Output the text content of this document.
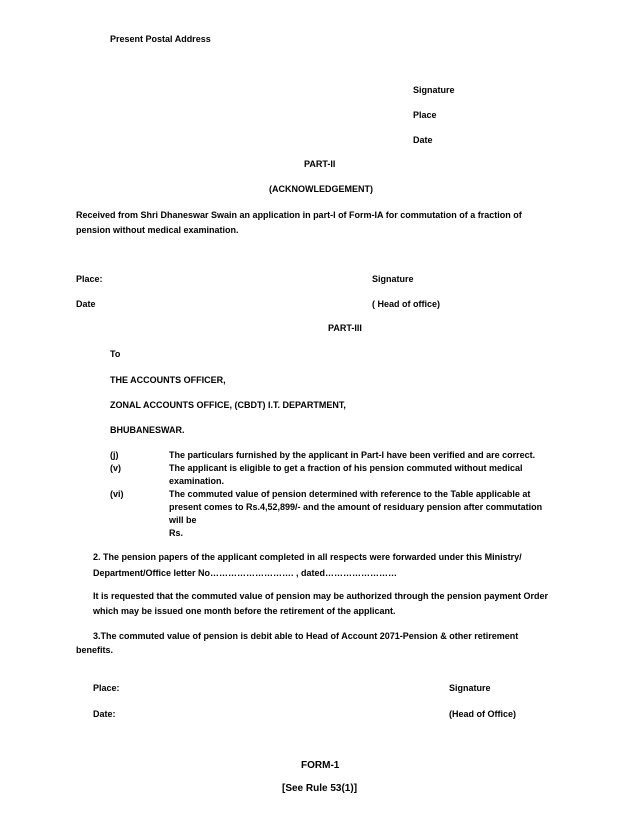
Present Postal Address
Signature
Place
Date
PART-II
(ACKNOWLEDGEMENT)
Received from Shri Dhaneswar Swain an application in part-I of Form-IA for commutation of a fraction of
pension without medical examination.
Place:	Signature
Date	( Head of office)
PART-III
To
THE ACCOUNTS OFFICER,
ZONAL ACCOUNTS OFFICE, (CBDT) I.T. DEPARTMENT,
BHUBANESWAR.
(j)	The particulars furnished by the applicant in Part-I have been verified and are correct.
(v)	The applicant is eligible to get a fraction of his pension commuted without medical
examination.
(vi)	The commuted value of pension determined with reference to the Table applicable at
present comes to Rs.4,52,899/- and the amount of residuary pension after commutation
will be
Rs.
2. The pension papers of the applicant completed in all respects were forwarded under this Ministry/
Department/Office letter No………………………. , dated……………………
It is requested that the commuted value of pension may be authorized through the pension payment Order
which may be issued one month before the retirement of the applicant.
3.The commuted value of pension is debit able to Head of Account 2071-Pension & other retirement
benefits.
Place:	Signature
Date:	(Head of Office)
FORM-1
[See Rule 53(1)]
